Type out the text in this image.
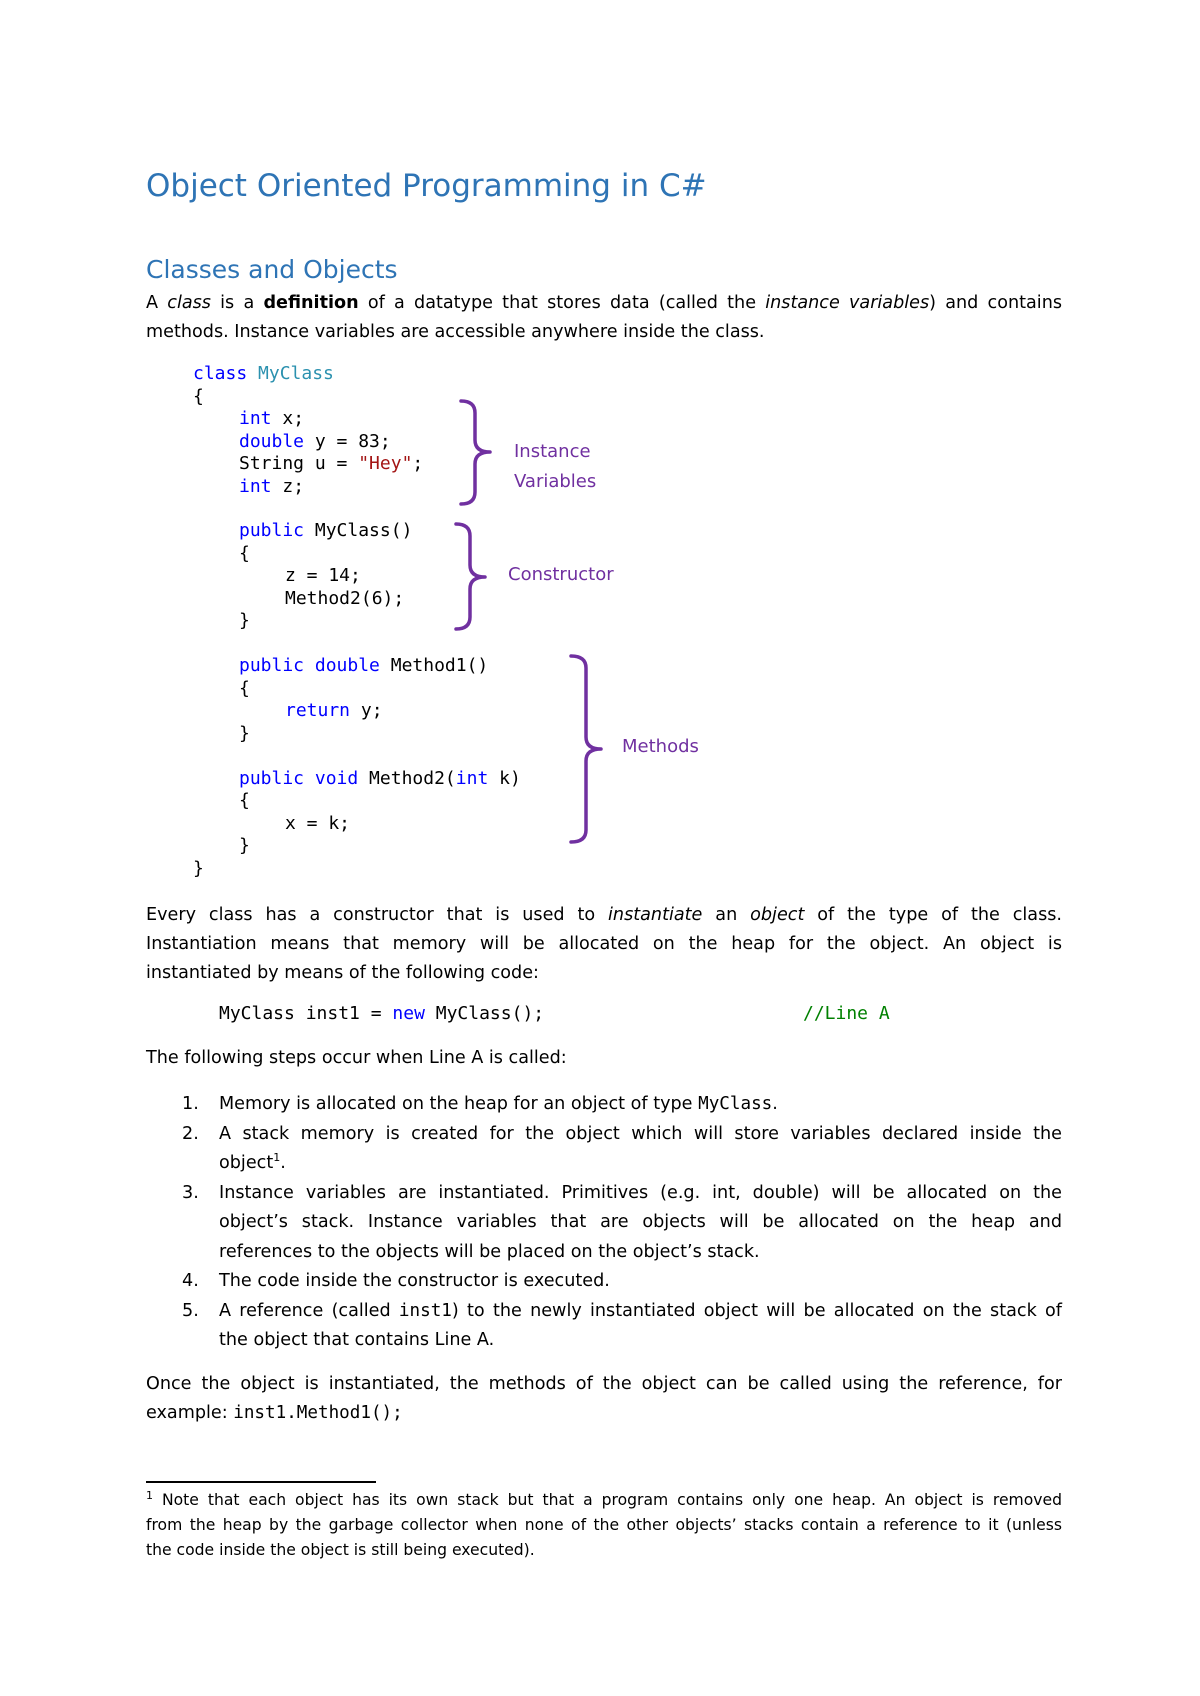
Object Oriented Programming in C#
Classes and Objects
A class is a definition of a datatype that stores data (called the instance variables) and contains
methods. Instance variables are accessible anywhere inside the class.
class MyClass
{
int x;
double y = 83;
String u = "Hey";
int z;
public MyClass()
{
z = 14;
Method2(6);
}
public double Method1()
{
return y;
}
public void Method2(int k)
{
x = k;
}
}
Instance
Variables
Constructor
Methods
Every class has a constructor that is used to instantiate an object of the type of the class.
Instantiation means that memory will be allocated on the heap for the object. An object is
instantiated by means of the following code:
MyClass inst1 = new MyClass();	//Line A
The following steps occur when Line A is called:
1. Memory is allocated on the heap for an object of type MyClass.
2. A stack memory is created for the object which will store variables declared inside the
object$^1$.
3. Instance variables are instantiated. Primitives (e.g. int, double) will be allocated on the
object’s stack. Instance variables that are objects will be allocated on the heap and
references to the objects will be placed on the object’s stack.
4. The code inside the constructor is executed.
5. A reference (called inst1) to the newly instantiated object will be allocated on the stack of
the object that contains Line A.
Once the object is instantiated, the methods of the object can be called using the reference, for
example: inst1.Method1();
$^1$ Note that each object has its own stack but that a program contains only one heap. An object is removed
from the heap by the garbage collector when none of the other objects’ stacks contain a reference to it (unless
the code inside the object is still being executed).
